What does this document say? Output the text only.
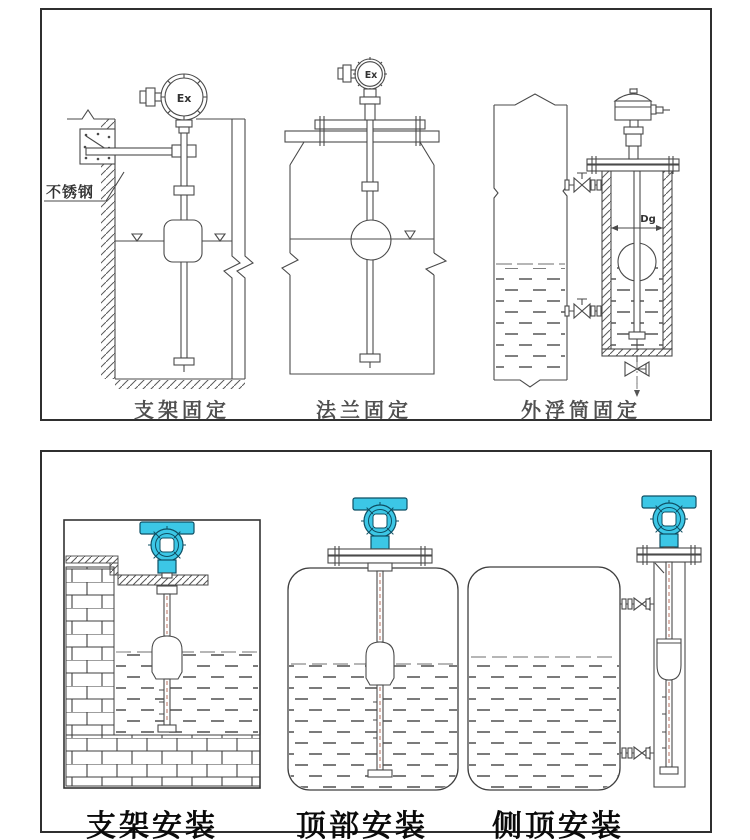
Ex
不锈钢
Ex
Dg
支架固定	法兰固定	外浮筒固定
支架安装	顶部安装 侧顶安装
